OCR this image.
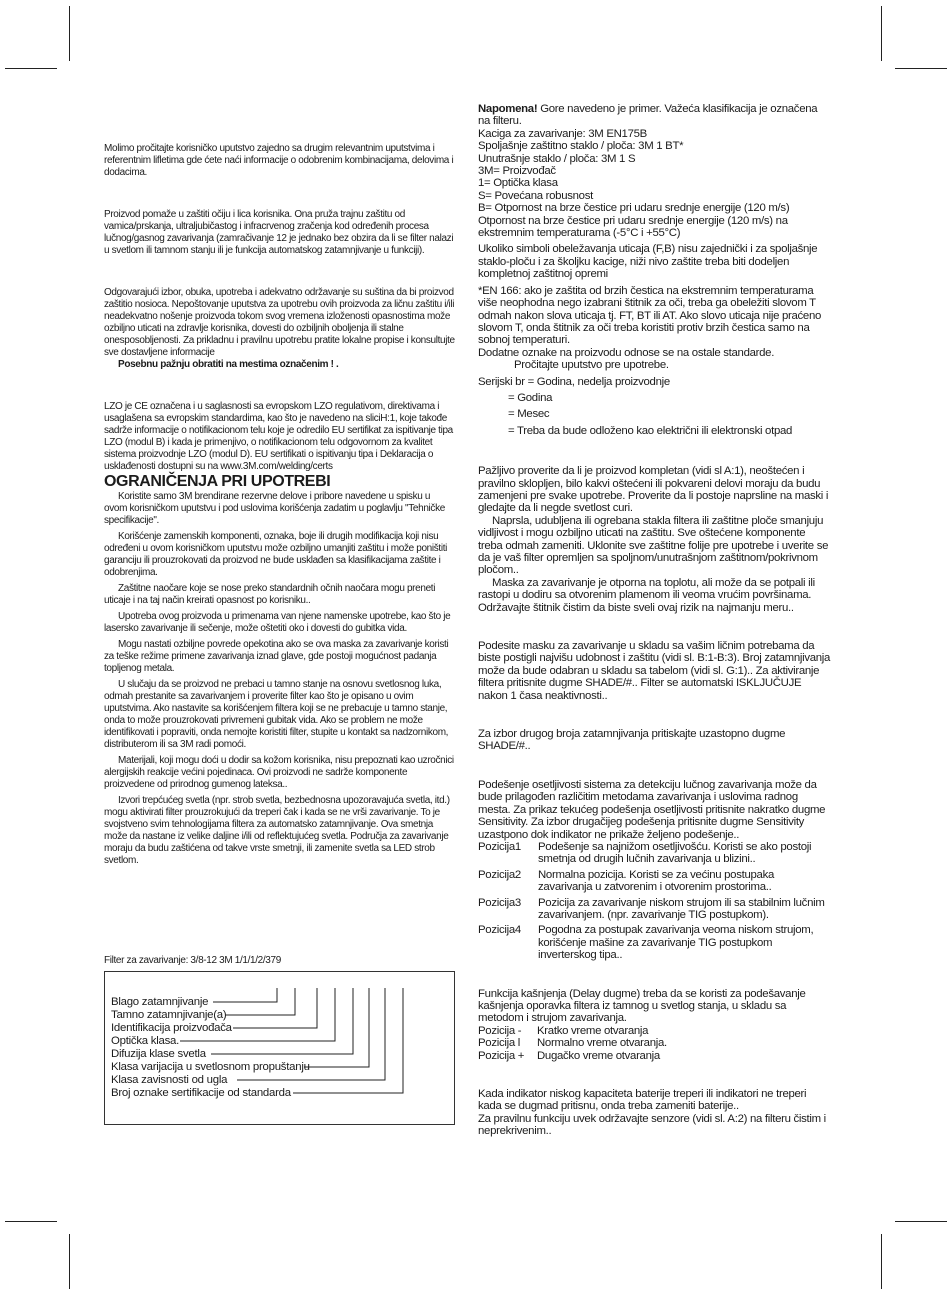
Molimo pročitajte korisničko uputstvo zajedno sa drugim relevantnim uputstvima i referentnim lifletima gde ćete naći informacije o odobrenim kombinacijama, delovima i dodacima.

Proizvod pomaže u zaštiti očiju i lica korisnika. Ona pruža trajnu zaštitu od vamica/prskanja, ultraljubičastog i infracrvenog zračenja kod određenih procesa lučnog/gasnog zavarivanja (zamračivanje 12 je jednako bez obzira da li se filter nalazi u svetlom ili tamnom stanju ili je funkcija automatskog zatamnjivanje u funkciji).

Odgovarajući izbor, obuka, upotreba i adekvatno održavanje su suština da bi proizvod zaštitio nosioca. Nepoštovanje uputstva za upotrebu ovih proizvoda za ličnu zaštitu i/ili neadekvatno nošenje proizvoda tokom svog vremena izloženosti opasnostima može ozbiljno uticati na zdravlje korisnika, dovesti do ozbiljnih oboljenja ili stalne onesposobljenosti. Za prikladnu i pravilnu upotrebu pratite lokalne propise i konsultujte sve dostavljene informacije

Posebnu pažnju obratiti na mestima označenim ! .

LZO je CE označena i u saglasnosti sa evropskom LZO regulativom, direktivama i usaglašena sa evropskim standardima, kao što je navedeno na sliciH:1, koje takođe sadrže informacije o notifikacionom telu koje je odredilo EU sertifikat za ispitivanje tipa LZO (modul B) i kada je primenjivo, o notifikacionom telu odgovornom za kvalitet sistema proizvodnje LZO (modul D). EU sertifikati o ispitivanju tipa i Deklaracija o usklađenosti dostupni su na www.3M.com/welding/certs

OGRANIČENJA PRI UPOTREBI

Koristite samo 3M brendirane rezervne delove i pribore navedene u spisku u ovom korisničkom uputstvu i pod uslovima korišćenja zadatim u poglavlju "Tehničke specifikacije".

Korišćenje zamenskih komponenti, oznaka, boje ili drugih modifikacija koji nisu određeni u ovom korisničkom uputstvu može ozbiljno umanjiti zaštitu i može poništiti garanciju ili prouzrokovati da proizvod ne bude usklađen sa klasifikacijama zaštite i odobrenjima.

Zaštitne naočare koje se nose preko standardnih očnih naočara mogu preneti uticaje i na taj način kreirati opasnost po korisniku..

Upotreba ovog proizvoda u primenama van njene namenske upotrebe, kao što je lasersko zavarivanje ili sečenje, može oštetiti oko i dovesti do gubitka vida.

Mogu nastati ozbiljne povrede opekotina ako se ova maska za zavarivanje koristi za teške režime primene zavarivanja iznad glave, gde postoji mogućnost padanja topljenog metala.

U slučaju da se proizvod ne prebaci u tamno stanje na osnovu svetlosnog luka, odmah prestanite sa zavarivanjem i proverite filter kao što je opisano u ovim uputstvima. Ako nastavite sa korišćenjem filtera koji se ne prebacuje u tamno stanje, onda to može prouzrokovati privremeni gubitak vida. Ako se problem ne može identifikovati i popraviti, onda nemojte koristiti filter, stupite u kontakt sa nadzornikom, distributerom ili sa 3M radi pomoći.

Materijali, koji mogu doći u dodir sa kožom korisnika, nisu prepoznati kao uzročnici alergijskih reakcije većini pojedinaca. Ovi proizvodi ne sadrže komponente proizvedene od prirodnog gumenog lateksa..

Izvori trepćućeg svetla (npr. strob svetla, bezbednosna upozoravajuća svetla, itd.) mogu aktivirati filter prouzrokujući da treperi čak i kada se ne vrši zavarivanje. To je svojstveno svim tehnologijama filtera za automatsko zatamnjivanje. Ova smetnja može da nastane iz velike daljine i/ili od reflektujućeg svetla. Područja za zavarivanje moraju da budu zaštićena od takve vrste smetnji, ili zamenite svetla sa LED strob svetlom.

Filter za zavarivanje: 3/8-12 3M 1/1/1/2/379

Blago zatamnjivanje
Tamno zatamnjivanje(a)
Identifikacija proizvođača
Optička klasa.
Difuzija klase svetla
Klasa varijacija u svetlosnom propuštanju
Klasa zavisnosti od ugla
Broj oznake sertifikacije od standarda

Napomena! Gore navedeno je primer. Važeća klasifikacija je označena na filteru.

Kaciga za zavarivanje: 3M EN175B

Spoljašnje zaštitno staklo / ploča: 3M 1 BT*

Unutrašnje staklo / ploča: 3M 1 S

3M= Proizvođač

1= Optička klasa

S= Povećana robusnost

B= Otpornost na brze čestice pri udaru srednje energije (120 m/s)

Otpornost na brze čestice pri udaru srednje energije (120 m/s) na ekstremnim temperaturama (-5°C i +55°C)

Ukoliko simboli obeležavanja uticaja (F,B) nisu zajednički i za spoljašnje staklo-ploču i za školjku kacige, niži nivo zaštite treba biti dodeljen kompletnoj zaštitnoj opremi

*EN 166: ako je zaštita od brzih čestica na ekstremnim temperaturama više neophodna nego izabrani štitnik za oči, treba ga obeležiti slovom T odmah nakon slova uticaja tj. FT, BT ili AT. Ako slovo uticaja nije praćeno slovom T, onda štitnik za oči treba koristiti protiv brzih čestica samo na sobnoj temperaturi.

Dodatne oznake na proizvodu odnose se na ostale standarde.

Pročitajte uputstvo pre upotrebe.

Serijski br = Godina, nedelja proizvodnje

= Godina

= Mesec

= Treba da bude odloženo kao električni ili elektronski otpad

Pažljivo proverite da li je proizvod kompletan (vidi sl A:1), neoštećen i pravilno sklopljen, bilo kakvi oštećeni ili pokvareni delovi moraju da budu zamenjeni pre svake upotrebe. Proverite da li postoje naprsline na maski i gledajte da li negde svetlost curi.

Naprsla, udubljena ili ogrebana stakla filtera ili zaštitne ploče smanjuju vidljivost i mogu ozbiljno uticati na zaštitu. Sve oštećene komponente treba odmah zameniti. Uklonite sve zaštitne folije pre upotrebe i uverite se da je vaš filter opremljen sa spoljnom/unutrašnjom zaštitnom/pokrivnom pločom..

Maska za zavarivanje je otporna na toplotu, ali može da se potpali ili rastopi u dodiru sa otvorenim plamenom ili veoma vrućim površinama. Održavajte štitnik čistim da biste sveli ovaj rizik na najmanju meru..

Podesite masku za zavarivanje u skladu sa vašim ličnim potrebama da biste postigli najvišu udobnost i zaštitu (vidi sl. B:1-B:3). Broj zatamnjivanja može da bude odabran u skladu sa tabelom (vidi sl. G:1).. Za aktiviranje filtera pritisnite dugme SHADE/#.. Filter se automatski ISKLJUČUJE nakon 1 časa neaktivnosti..

Za izbor drugog broja zatamnjivanja pritiskajte uzastopno dugme SHADE/#..

Podešenje osetljivosti sistema za detekciju lučnog zavarivanja može da bude prilagođen različitim metodama zavarivanja i uslovima radnog mesta. Za prikaz tekućeg podešenja osetljivosti pritisnite nakratko dugme Sensitivity. Za izbor drugačijeg podešenja pritisnite dugme Sensitivity uzastpono dok indikator ne prikaže željeno podešenje..

Pozicija1	Podešenje sa najnižom osetljivošću. Koristi se ako postoji smetnja od drugih lučnih zavarivanja u blizini..
Pozicija2	Normalna pozicija. Koristi se za većinu postupaka zavarivanja u zatvorenim i otvorenim prostorima..
Pozicija3	Pozicija za zavarivanje niskom strujom ili sa stabilnim lučnim zavarivanjem. (npr. zavarivanje TIG postupkom).
Pozicija4	Pogodna za postupak zavarivanja veoma niskom strujom, korišćenje mašine za zavarivanje TIG postupkom inverterskog tipa..

Funkcija kašnjenja (Delay dugme) treba da se koristi za podešavanje kašnjenja oporavka filtera iz tamnog u svetlog stanja, u skladu sa metodom i strujom zavarivanja.

Pozicija -	Kratko vreme otvaranja
Pozicija l	Normalno vreme otvaranja.
Pozicija +	Dugačko vreme otvaranja

Kada indikator niskog kapaciteta baterije treperi ili indikatori ne treperi kada se dugmad pritisnu, onda treba zameniti baterije..

Za pravilnu funkciju uvek održavajte senzore (vidi sl. A:2) na filteru čistim i neprekrivenim..
